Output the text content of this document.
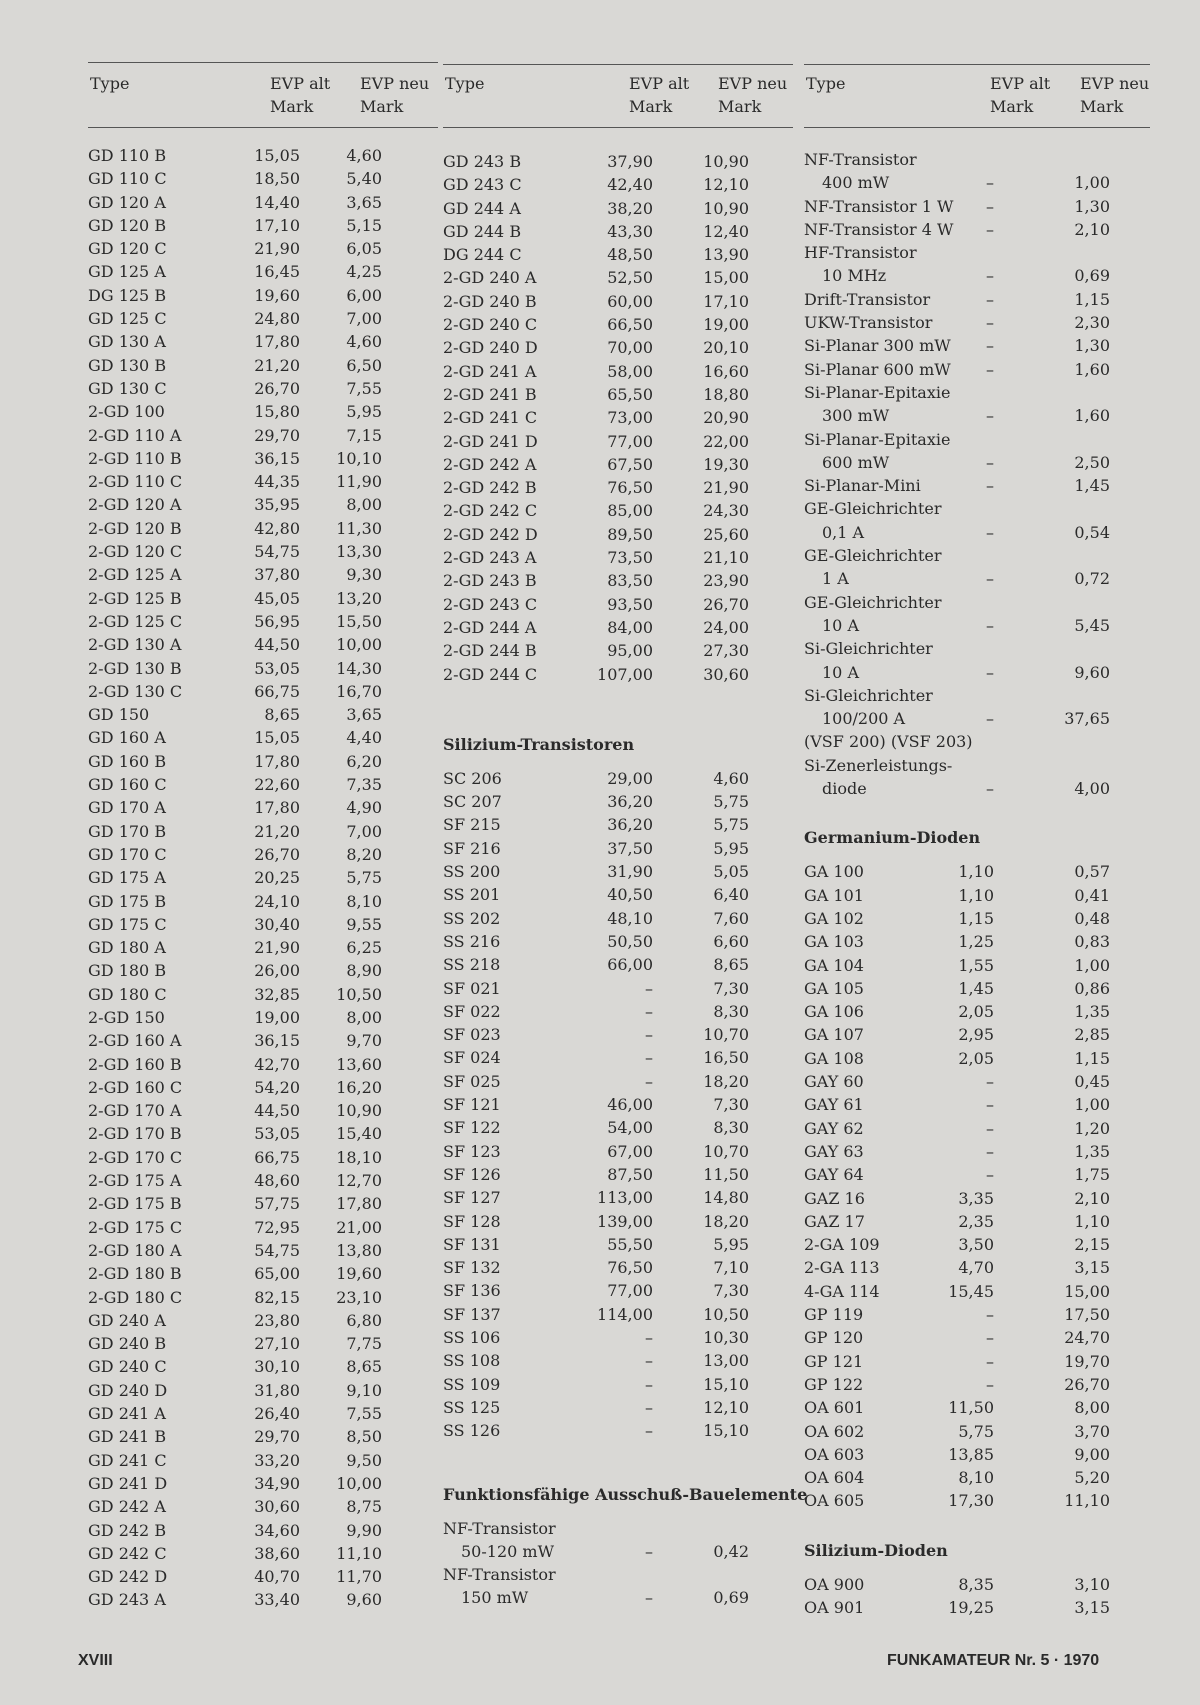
Type	EVP alt
Mark
EVP neu
Mark
GD 110 B	15,05	4,60
GD 110 C	18,50	5,40
GD 120 A	14,40	3,65
GD 120 B	17,10	5,15
GD 120 C	21,90	6,05
GD 125 A	16,45	4,25
DG 125 B	19,60	6,00
GD 125 C	24,80	7,00
GD 130 A	17,80	4,60
GD 130 B	21,20	6,50
GD 130 C	26,70	7,55
2-GD 100	15,80	5,95
2-GD 110 A	29,70	7,15
2-GD 110 B	36,15 10,10
2-GD 110 C	44,35 11,90
2-GD 120 A	35,95	8,00
2-GD 120 B	42,80 11,30
2-GD 120 C	54,75 13,30
2-GD 125 A	37,80	9,30
2-GD 125 B	45,05 13,20
2-GD 125 C	56,95 15,50
2-GD 130 A	44,50 10,00
2-GD 130 B	53,05 14,30
2-GD 130 C	66,75 16,70
GD 150	8,65	3,65
GD 160 A	15,05	4,40
GD 160 B	17,80	6,20
GD 160 C	22,60	7,35
GD 170 A	17,80	4,90
GD 170 B	21,20	7,00
GD 170 C	26,70	8,20
GD 175 A	20,25	5,75
GD 175 B	24,10	8,10
GD 175 C	30,40	9,55
GD 180 A	21,90	6,25
GD 180 B	26,00	8,90
GD 180 C	32,85 10,50
2-GD 150	19,00	8,00
2-GD 160 A	36,15	9,70
2-GD 160 B	42,70 13,60
2-GD 160 C	54,20 16,20
2-GD 170 A	44,50 10,90
2-GD 170 B	53,05 15,40
2-GD 170 C	66,75 18,10
2-GD 175 A	48,60 12,70
2-GD 175 B	57,75 17,80
2-GD 175 C	72,95 21,00
2-GD 180 A	54,75 13,80
2-GD 180 B	65,00 19,60
2-GD 180 C	82,15 23,10
GD 240 A	23,80	6,80
GD 240 B	27,10	7,75
GD 240 C	30,10	8,65
GD 240 D	31,80	9,10
GD 241 A	26,40	7,55
GD 241 B	29,70	8,50
GD 241 C	33,20	9,50
GD 241 D	34,90 10,00
GD 242 A	30,60	8,75
GD 242 B	34,60	9,90
GD 242 C	38,60 11,10
GD 242 D	40,70 11,70
GD 243 A	33,40	9,60
Type	EVP alt
Mark
EVP neu
Mark
GD 243 B	37,90	10,90
GD 243 C	42,40	12,10
GD 244 A	38,20	10,90
GD 244 B	43,30	12,40
DG 244 C	48,50	13,90
2-GD 240 A	52,50	15,00
2-GD 240 B	60,00	17,10
2-GD 240 C	66,50	19,00
2-GD 240 D	70,00	20,10
2-GD 241 A	58,00	16,60
2-GD 241 B	65,50	18,80
2-GD 241 C	73,00	20,90
2-GD 241 D	77,00	22,00
2-GD 242 A	67,50	19,30
2-GD 242 B	76,50	21,90
2-GD 242 C	85,00	24,30
2-GD 242 D	89,50	25,60
2-GD 243 A	73,50	21,10
2-GD 243 B	83,50	23,90
2-GD 243 C	93,50	26,70
2-GD 244 A	84,00	24,00
2-GD 244 B	95,00	27,30
2-GD 244 C	107,00	30,60
Silizium-Transistoren
SC 206	29,00	4,60
SC 207	36,20	5,75
SF 215	36,20	5,75
SF 216	37,50	5,95
SS 200	31,90	5,05
SS 201	40,50	6,40
SS 202	48,10	7,60
SS 216	50,50	6,60
SS 218	66,00	8,65
SF 021	–	7,30
SF 022	–	8,30
SF 023	–	10,70
SF 024	–	16,50
SF 025	–	18,20
SF 121	46,00	7,30
SF 122	54,00	8,30
SF 123	67,00	10,70
SF 126	87,50	11,50
SF 127	113,00	14,80
SF 128	139,00	18,20
SF 131	55,50	5,95
SF 132	76,50	7,10
SF 136	77,00	7,30
SF 137	114,00	10,50
SS 106	–	10,30
SS 108	–	13,00
SS 109	–	15,10
SS 125	–	12,10
SS 126	–	15,10
Funktionsfähige Ausschuß-Bauelemente
NF-Transistor
50-120 mW	–	0,42
NF-Transistor
150 mW	–	0,69
Type	EVP alt
Mark
EVP neu
Mark
NF-Transistor
400 mW	–	1,00
NF-Transistor 1 W –	1,30
NF-Transistor 4 W –	2,10
HF-Transistor
10 MHz	–	0,69
Drift-Transistor	–	1,15
UKW-Transistor	–	2,30
Si-Planar 300 mW –	1,30
Si-Planar 600 mW –	1,60
Si-Planar-Epitaxie
300 mW	–	1,60
Si-Planar-Epitaxie
600 mW	–	2,50
Si-Planar-Mini	–	1,45
GE-Gleichrichter
0,1 A	–	0,54
GE-Gleichrichter
1 A	–	0,72
GE-Gleichrichter
10 A	–	5,45
Si-Gleichrichter
10 A	–	9,60
Si-Gleichrichter
100/200 A	–	37,65
(VSF 200) (VSF 203)
Si-Zenerleistungs-
diode	–	4,00
Germanium-Dioden
GA 100	1,10	0,57
GA 101	1,10	0,41
GA 102	1,15	0,48
GA 103	1,25	0,83
GA 104	1,55	1,00
GA 105	1,45	0,86
GA 106	2,05	1,35
GA 107	2,95	2,85
GA 108	2,05	1,15
GAY 60	–	0,45
GAY 61	–	1,00
GAY 62	–	1,20
GAY 63	–	1,35
GAY 64	–	1,75
GAZ 16	3,35	2,10
GAZ 17	2,35	1,10
2-GA 109	3,50	2,15
2-GA 113	4,70	3,15
4-GA 114	15,45	15,00
GP 119	–	17,50
GP 120	–	24,70
GP 121	–	19,70
GP 122	–	26,70
OA 601	11,50	8,00
OA 602	5,75	3,70
OA 603	13,85	9,00
OA 604	8,10	5,20
OA 605	17,30	11,10
Silizium-Dioden
OA 900	8,35	3,10
OA 901	19,25	3,15
XVIII	FUNKAMATEUR Nr. 5 · 1970
